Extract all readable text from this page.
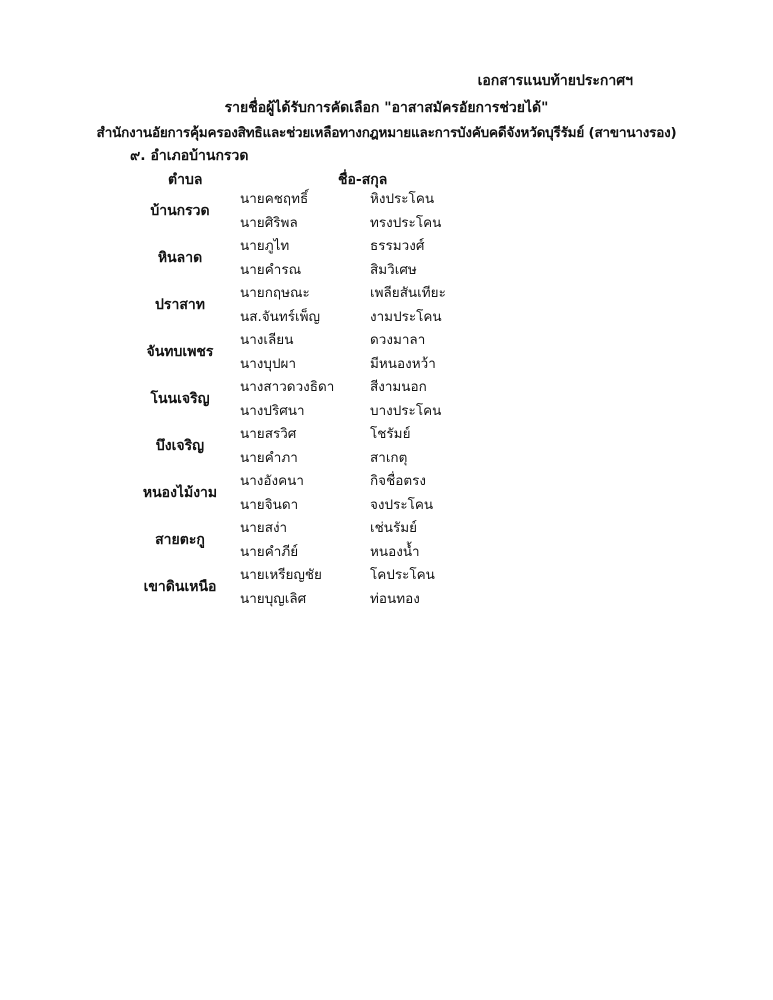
เอกสารแนบท้ายประกาศฯ
รายชื่อผู้ได้รับการคัดเลือก "อาสาสมัครอัยการช่วยได้"
สำนักงานอัยการคุ้มครองสิทธิและช่วยเหลือทางกฎหมายและการบังคับคดีจังหวัดบุรีรัมย์ (สาขานางรอง)
๙. อำเภอบ้านกรวด
ตำบล	ชื่อ-สกุล
บ้านกรวด
นายคชฤทธิ์	หิงประโคน
นายศิริพล	ทรงประโคน
หินลาด
นายภูไท	ธรรมวงศ์
นายคำรณ	สิมวิเศษ
ปราสาท
นายกฤษณะ	เพลียสันเทียะ
นส.จันทร์เพ็ญ	งามประโคน
จันทบเพชร
นางเลียน	ดวงมาลา
นางบุปผา	มีหนองหว้า
โนนเจริญ
นางสาวดวงธิดา	สีงามนอก
นางปริศนา	บางประโคน
บึงเจริญ
นายสรวิศ	โชรัมย์
นายคำภา	สาเกตุ
หนองไม้งาม
นางอังคนา	กิจชื่อตรง
นายจินดา	จงประโคน
สายตะกู
นายสง่า	เช่นรัมย์
นายคำภีย์	หนองน้ำ
เขาดินเหนือ
นายเหรียญชัย	โคประโคน
นายบุญเลิศ	ท่อนทอง
